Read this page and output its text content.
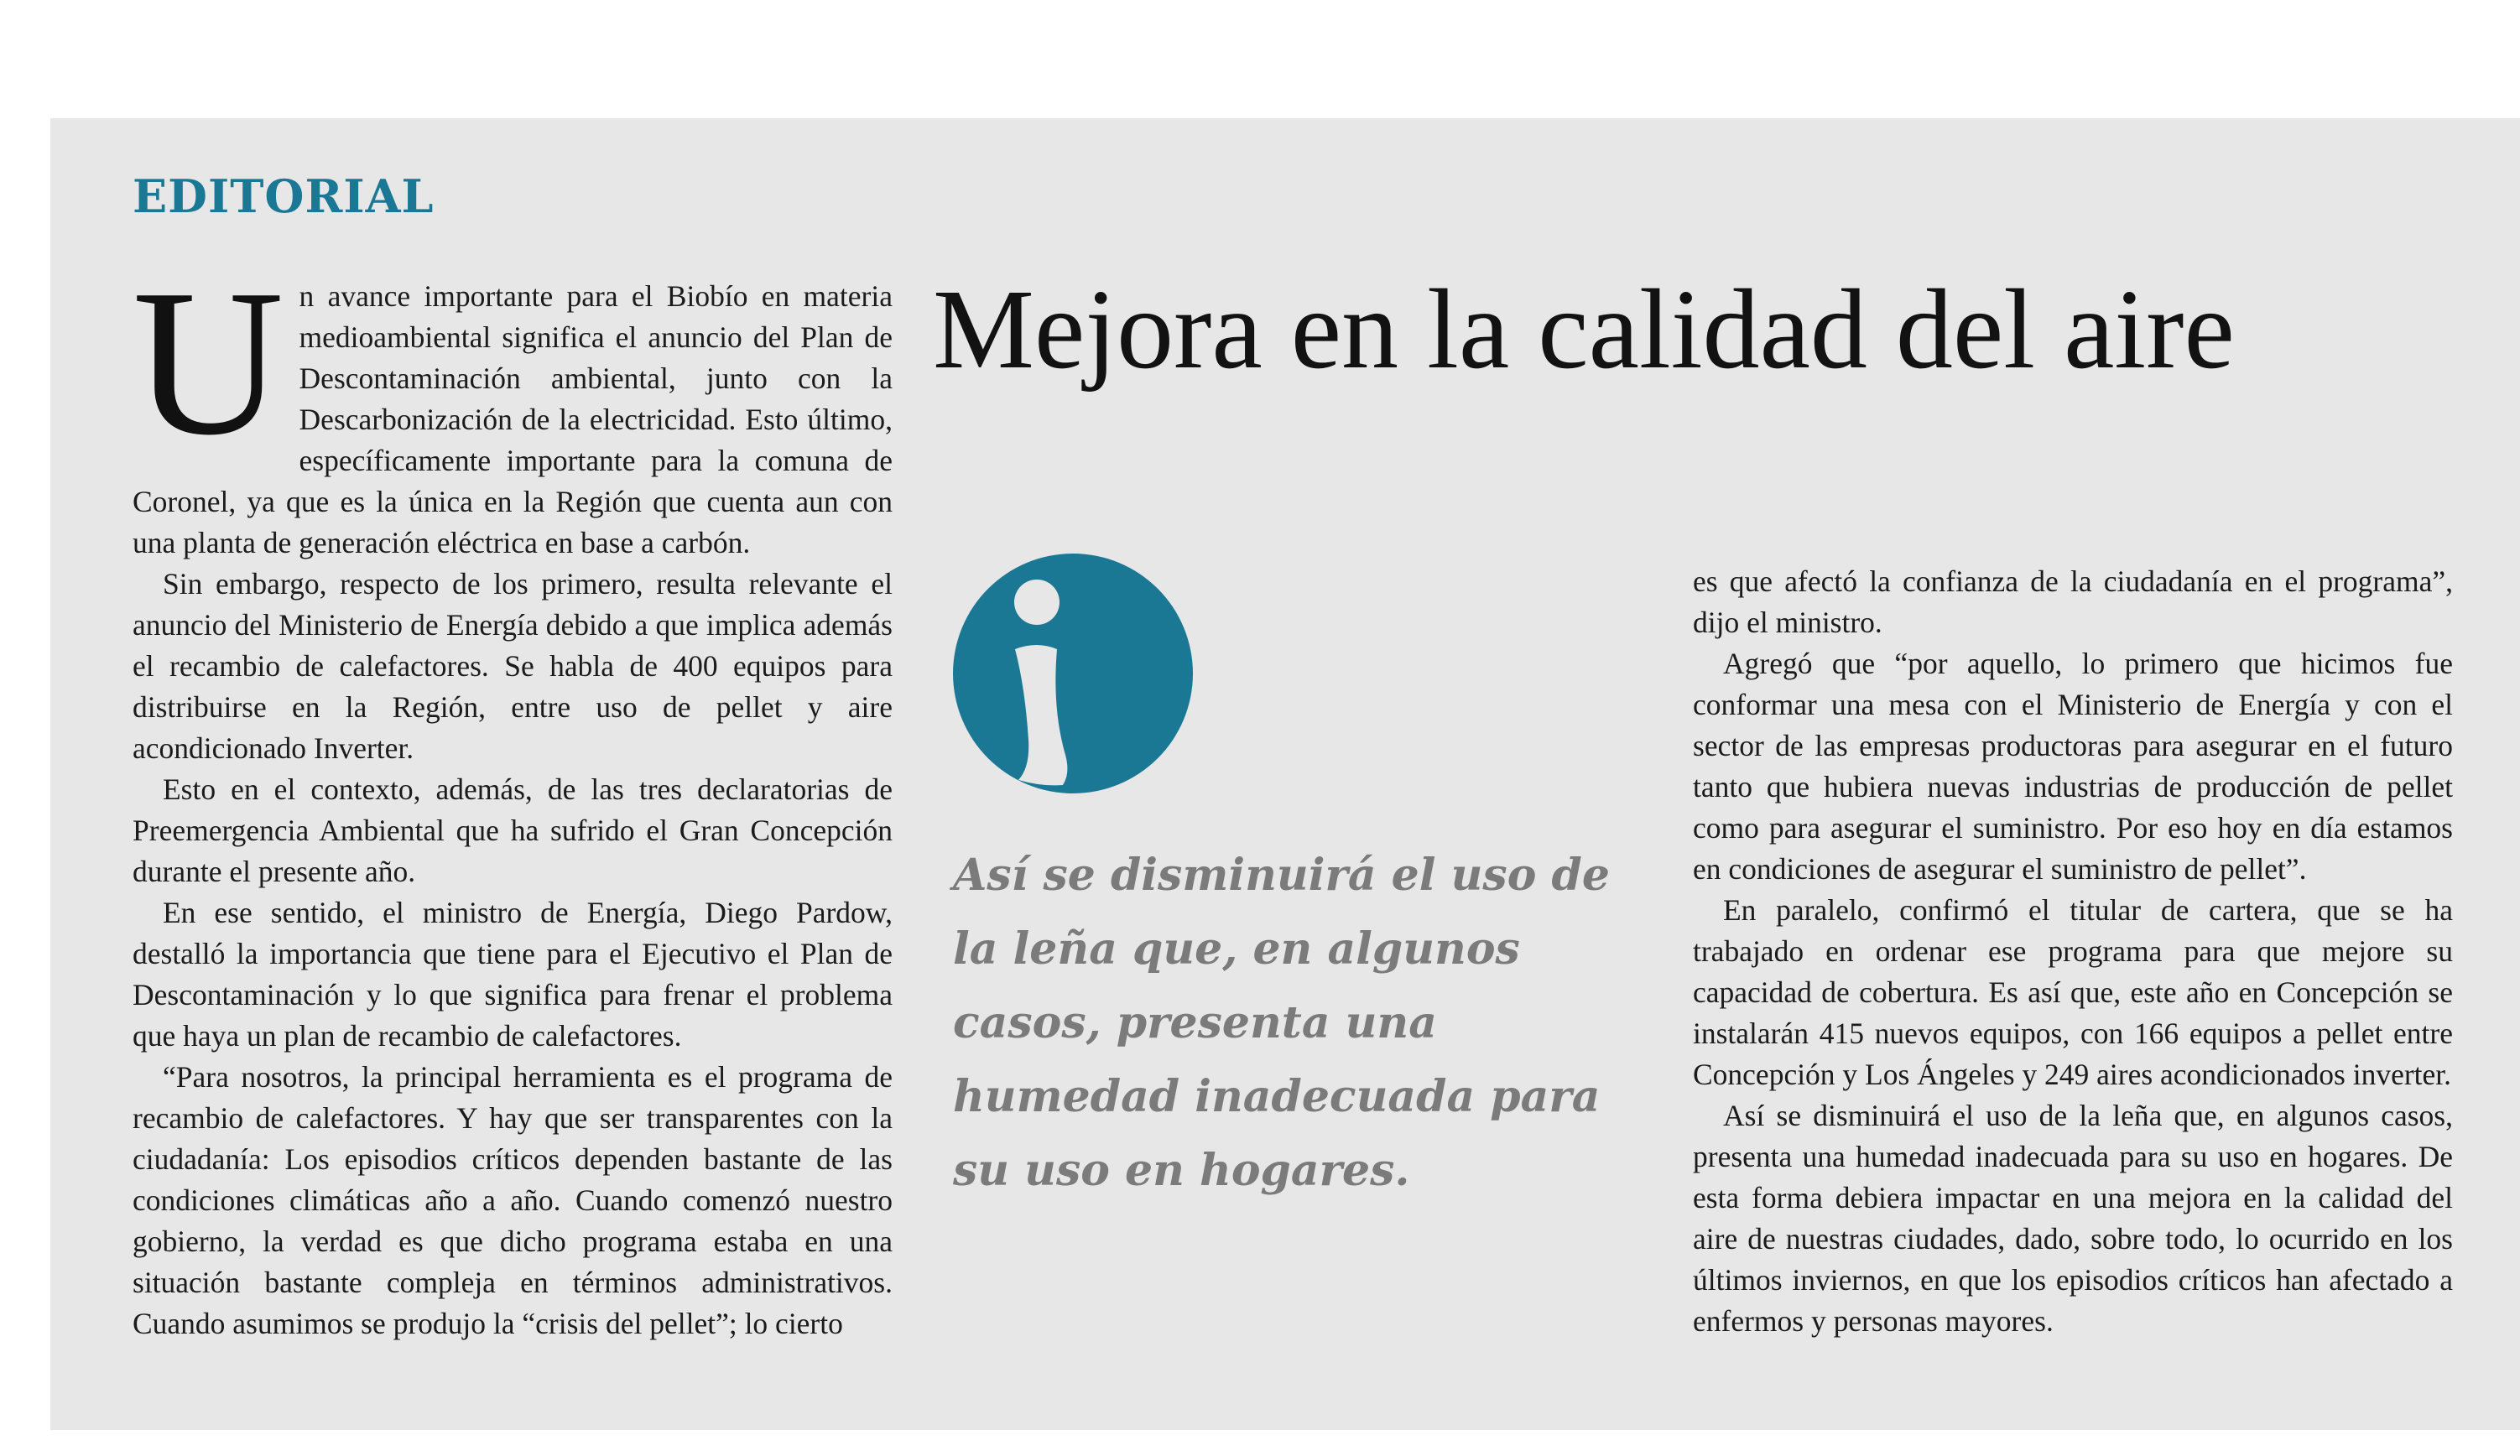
EDITORIAL
U n avance importante para el Biobío en materia medioambiental significa el anuncio del Plan de Descontaminación ambiental, junto con la Descarbonización de la electricidad. Esto último, específicamente importante para la comuna de Coronel, ya que es la única en la Región que cuenta aun con una planta de generación eléctrica en base a carbón.

Sin embargo, respecto de los primero, resulta relevante el anuncio del Ministerio de Energía debido a que implica además el recambio de calefactores. Se habla de 400 equipos para distribuirse en la Región, entre uso de pellet y aire acondicionado Inverter.

Esto en el contexto, además, de las tres declaratorias de Preemergencia Ambiental que ha sufrido el Gran Concepción durante el presente año.

En ese sentido, el ministro de Energía, Diego Pardow, destalló la importancia que tiene para el Ejecutivo el Plan de Descontaminación y lo que significa para frenar el problema que haya un plan de recambio de calefactores.

“Para nosotros, la principal herramienta es el programa de recambio de calefactores. Y hay que ser transparentes con la ciudadanía: Los episodios críticos dependen bastante de las condiciones climáticas año a año. Cuando comenzó nuestro gobierno, la verdad es que dicho programa estaba en una situación bastante compleja en términos administrativos. Cuando asumimos se produjo la “crisis del pellet”; lo cierto

Mejora en la calidad del aire

Así se disminuirá el uso de la leña que, en algunos casos, presenta una humedad inadecuada para su uso en hogares.

es que afectó la confianza de la ciudadanía en el programa”, dijo el ministro.

Agregó que “por aquello, lo primero que hicimos fue conformar una mesa con el Ministerio de Energía y con el sector de las empresas productoras para asegurar en el futuro tanto que hubiera nuevas industrias de producción de pellet como para asegurar el suministro. Por eso hoy en día estamos en condiciones de asegurar el suministro de pellet”.

En paralelo, confirmó el titular de cartera, que se ha trabajado en ordenar ese programa para que mejore su capacidad de cobertura. Es así que, este año en Concepción se instalarán 415 nuevos equipos, con 166 equipos a pellet entre Concepción y Los Ángeles y 249 aires acondicionados inverter.

Así se disminuirá el uso de la leña que, en algunos casos, presenta una humedad inadecuada para su uso en hogares. De esta forma debiera impactar en una mejora en la calidad del aire de nuestras ciudades, dado, sobre todo, lo ocurrido en los últimos inviernos, en que los episodios críticos han afectado a enfermos y personas mayores.
